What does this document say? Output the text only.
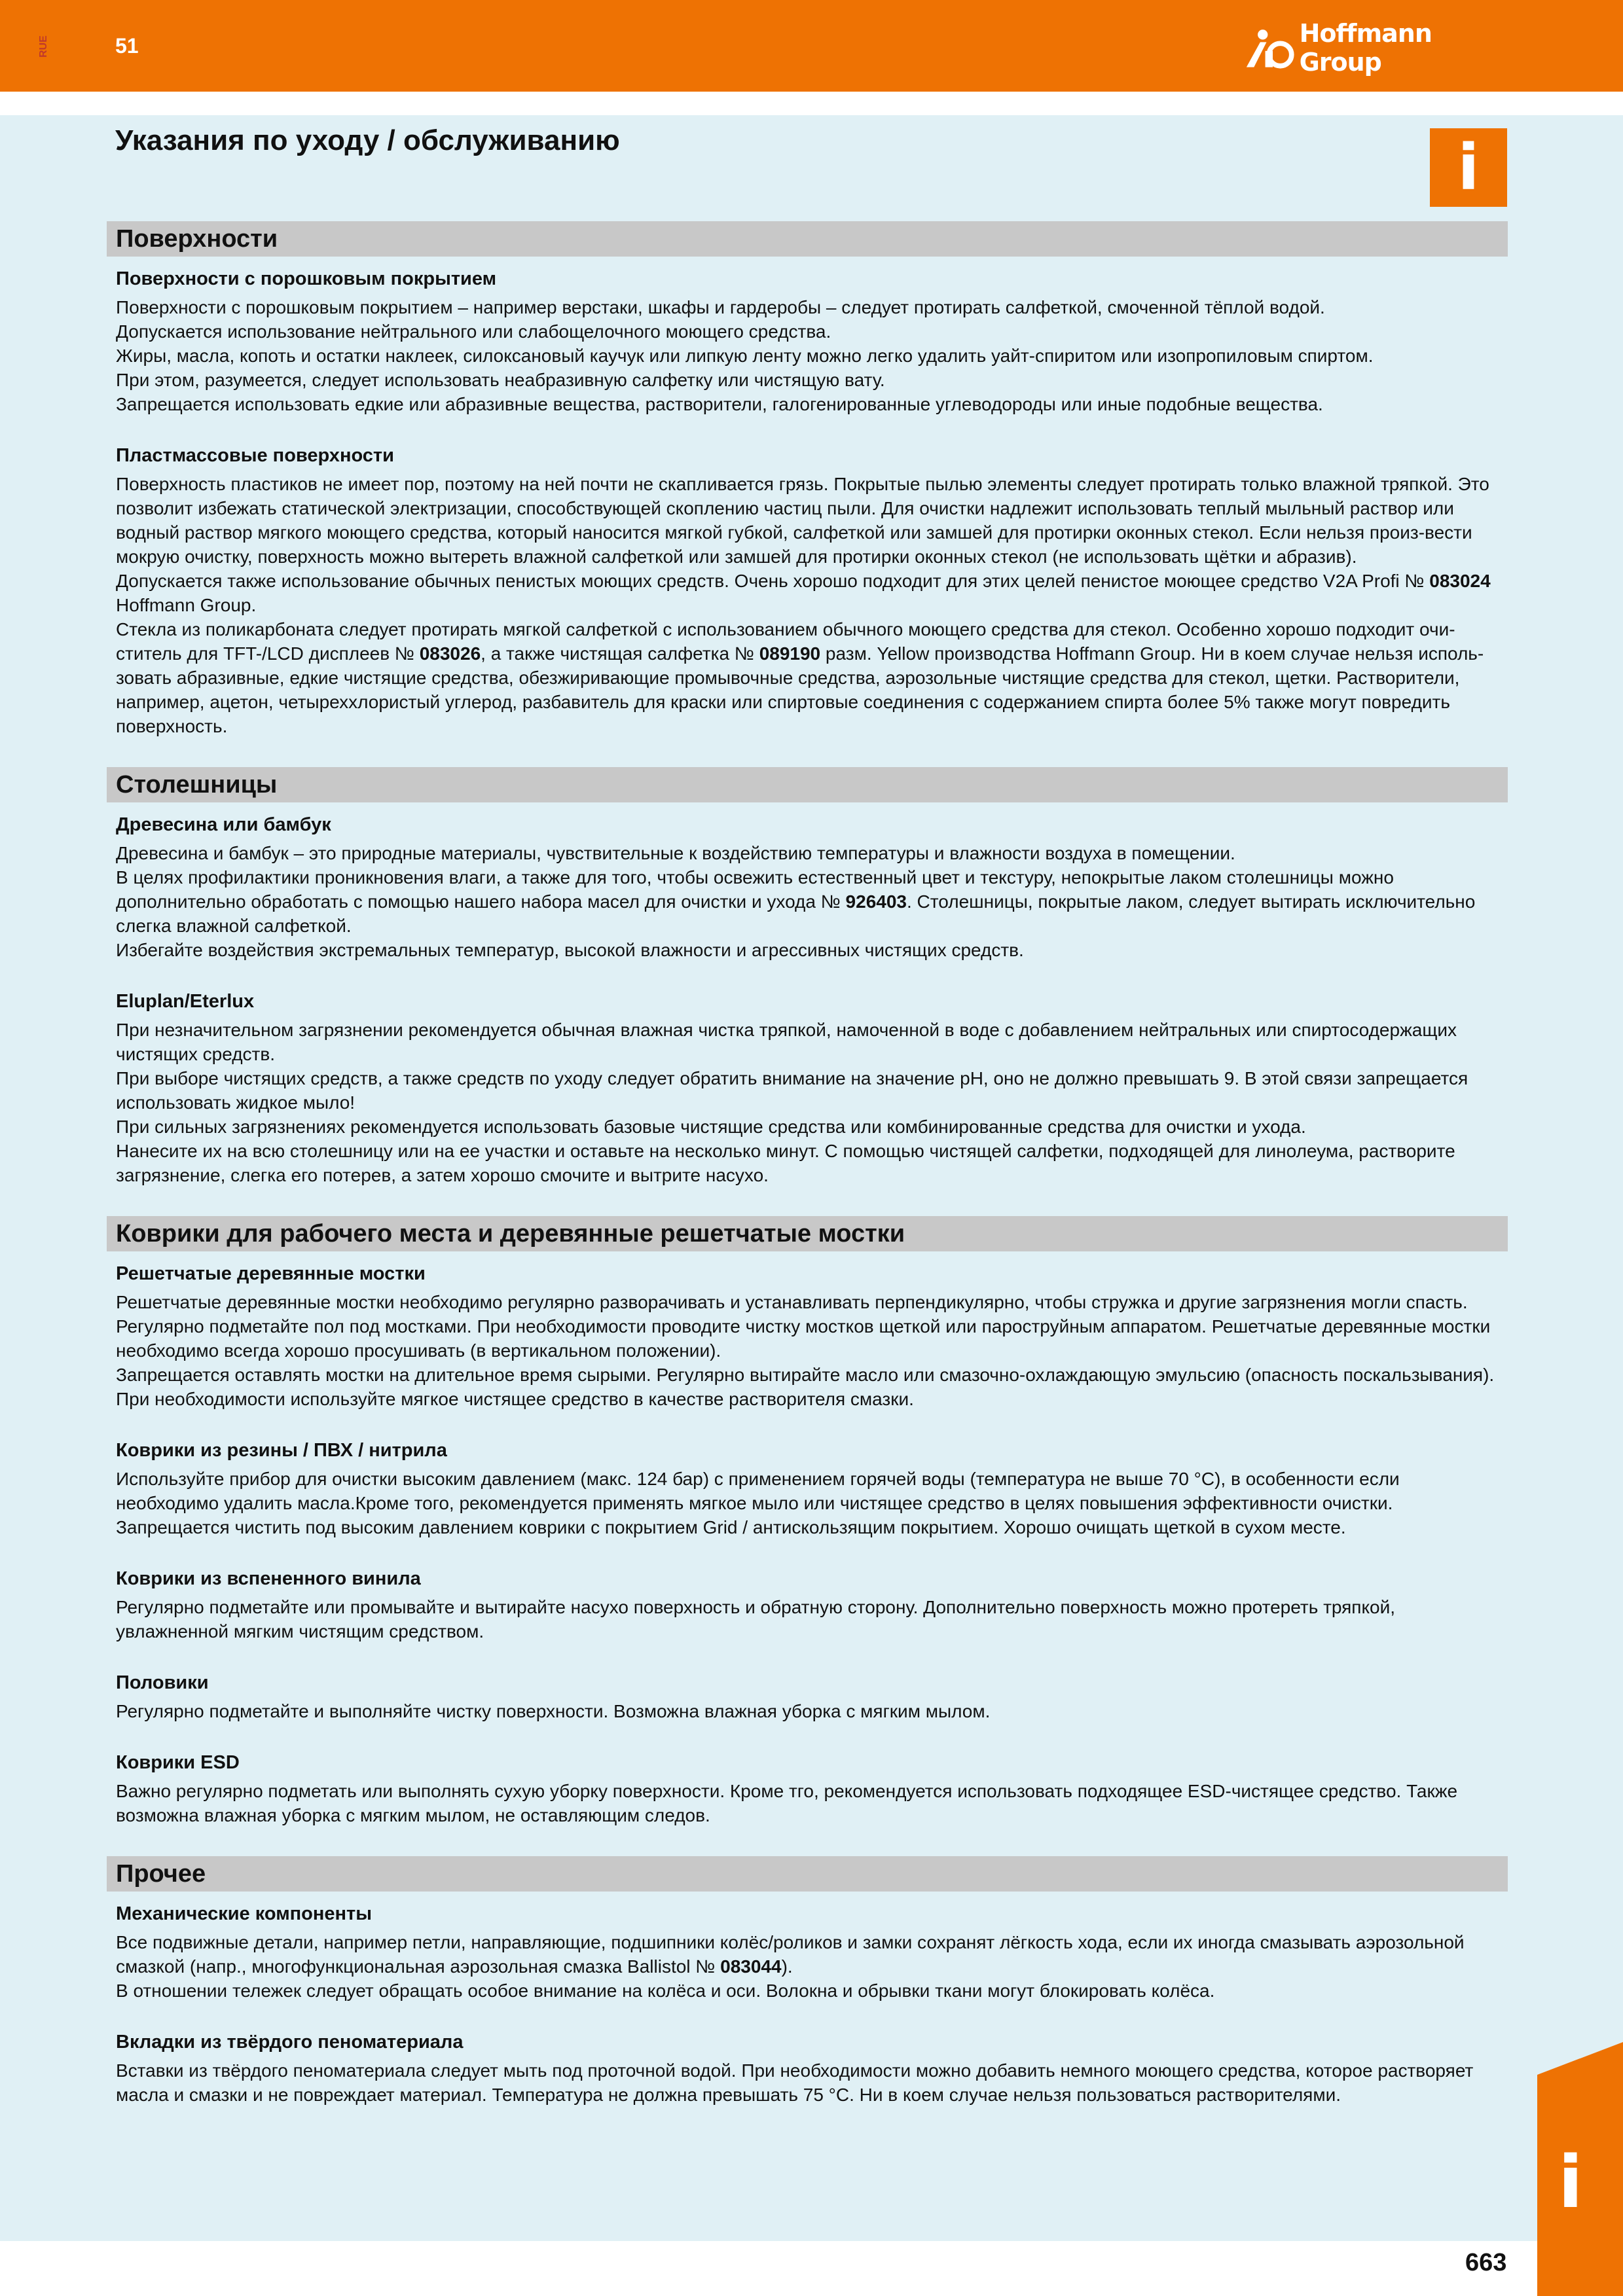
RUE	51	Hoffmann Group
Указания по уходу / обслуживанию	i
Поверхности
Поверхности с порошковым покрытием

Поверхности с порошковым покрытием – например верстаки, шкафы и гардеробы – следует протирать салфеткой, смоченной тёплой водой.

Допускается использование нейтрального или слабощелочного моющего средства.

Жиры, масла, копоть и остатки наклеек, силоксановый каучук или липкую ленту можно легко удалить уайт-спиритом или изопропиловым спиртом.

При этом, разумеется, следует использовать неабразивную салфетку или чистящую вату.

Запрещается использовать едкие или абразивные вещества, растворители, галогенированные углеводороды или иные подобные вещества.

Пластмассовые поверхности

Поверхность пластиков не имеет пор, поэтому на ней почти не скапливается грязь. Покрытые пылью элементы следует протирать только влажной тряпкой. Это позволит избежать статической электризации, способствующей скоплению частиц пыли. Для очистки надлежит использовать теплый мыльный раствор или водный раствор мягкого моющего средства, который наносится мягкой губкой, салфеткой или замшей для протирки оконных стекол. Если нельзя произ-вести мокрую очистку, поверхность можно вытереть влажной салфеткой или замшей для протирки оконных стекол (не использовать щётки и абразив).

Допускается также использование обычных пенистых моющих средств. Очень хорошо подходит для этих целей пенистое моющее средство V2A Profi № 083024 Hoffmann Group.

Стекла из поликарбоната следует протирать мягкой салфеткой с использованием обычного моющего средства для стекол. Особенно хорошо подходит очи-ститель для TFT-/LCD дисплеев № 083026, а также чистящая салфетка № 089190 разм. Yellow производства Hoffmann Group. Ни в коем случае нельзя исполь-зовать абразивные, едкие чистящие средства, обезжиривающие промывочные средства, аэрозольные чистящие средства для стекол, щетки. Растворители, например, ацетон, четыреххлористый углерод, разбавитель для краски или спиртовые соединения с содержанием спирта более 5% также могут повредить поверхность.

Столешницы
Древесина или бамбук

Древесина и бамбук – это природные материалы, чувствительные к воздействию температуры и влажности воздуха в помещении.

В целях профилактики проникновения влаги, а также для того, чтобы освежить естественный цвет и текстуру, непокрытые лаком столешницы можно дополнительно обработать с помощью нашего набора масел для очистки и ухода № 926403. Столешницы, покрытые лаком, следует вытирать исключительно слегка влажной салфеткой.

Избегайте воздействия экстремальных температур, высокой влажности и агрессивных чистящих средств.

Eluplan/Eterlux

При незначительном загрязнении рекомендуется обычная влажная чистка тряпкой, намоченной в воде с добавлением нейтральных или спиртосодержащих чистящих средств.

При выборе чистящих средств, а также средств по уходу следует обратить внимание на значение pH, оно не должно превышать 9. В этой связи запрещается использовать жидкое мыло!

При сильных загрязнениях рекомендуется использовать базовые чистящие средства или комбинированные средства для очистки и ухода.

Нанесите их на всю столешницу или на ее участки и оставьте на несколько минут. С помощью чистящей салфетки, подходящей для линолеума, растворите загрязнение, слегка его потерев, а затем хорошо смочите и вытрите насухо.

Коврики для рабочего места и деревянные решетчатые мостки
Решетчатые деревянные мостки

Решетчатые деревянные мостки необходимо регулярно разворачивать и устанавливать перпендикулярно, чтобы стружка и другие загрязнения могли спасть. Регулярно подметайте пол под мостками. При необходимости проводите чистку мостков щеткой или пароструйным аппаратом. Решетчатые деревянные мостки необходимо всегда хорошо просушивать (в вертикальном положении).

Запрещается оставлять мостки на длительное время сырыми. Регулярно вытирайте масло или смазочно-охлаждающую эмульсию (опасность поскальзывания). При необходимости используйте мягкое чистящее средство в качестве растворителя смазки.

Коврики из резины / ПВХ / нитрила

Используйте прибор для очистки высоким давлением (макс. 124 бар) с применением горячей воды (температура не выше 70 °C), в особенности если необходимо удалить масла.Кроме того, рекомендуется применять мягкое мыло или чистящее средство в целях повышения эффективности очистки.

Запрещается чистить под высоким давлением коврики с покрытием Grid / антискользящим покрытием. Хорошо очищать щеткой в сухом месте.

Коврики из вспененного винила

Регулярно подметайте или промывайте и вытирайте насухо поверхность и обратную сторону. Дополнительно поверхность можно протереть тряпкой, увлажненной мягким чистящим средством.

Половики

Регулярно подметайте и выполняйте чистку поверхности. Возможна влажная уборка с мягким мылом.

Коврики ESD

Важно регулярно подметать или выполнять сухую уборку поверхности. Кроме тго, рекомендуется использовать подходящее ESD-чистящее средство. Также возможна влажная уборка с мягким мылом, не оставляющим следов.

Прочее
Механические компоненты

Все подвижные детали, например петли, направляющие, подшипники колёс/роликов и замки сохранят лёгкость хода, если их иногда смазывать аэрозольной смазкой (напр., многофункциональная аэрозольная смазка Ballistol № 083044).

В отношении тележек следует обращать особое внимание на колёса и оси. Волокна и обрывки ткани могут блокировать колёса.

Вкладки из твёрдого пеноматериала

Вставки из твёрдого пеноматериала следует мыть под проточной водой. При необходимости можно добавить немного моющего средства, которое растворяет масла и смазки и не повреждает материал. Температура не должна превышать 75 °C. Ни в коем случае нельзя пользоваться растворителями.

i
663
